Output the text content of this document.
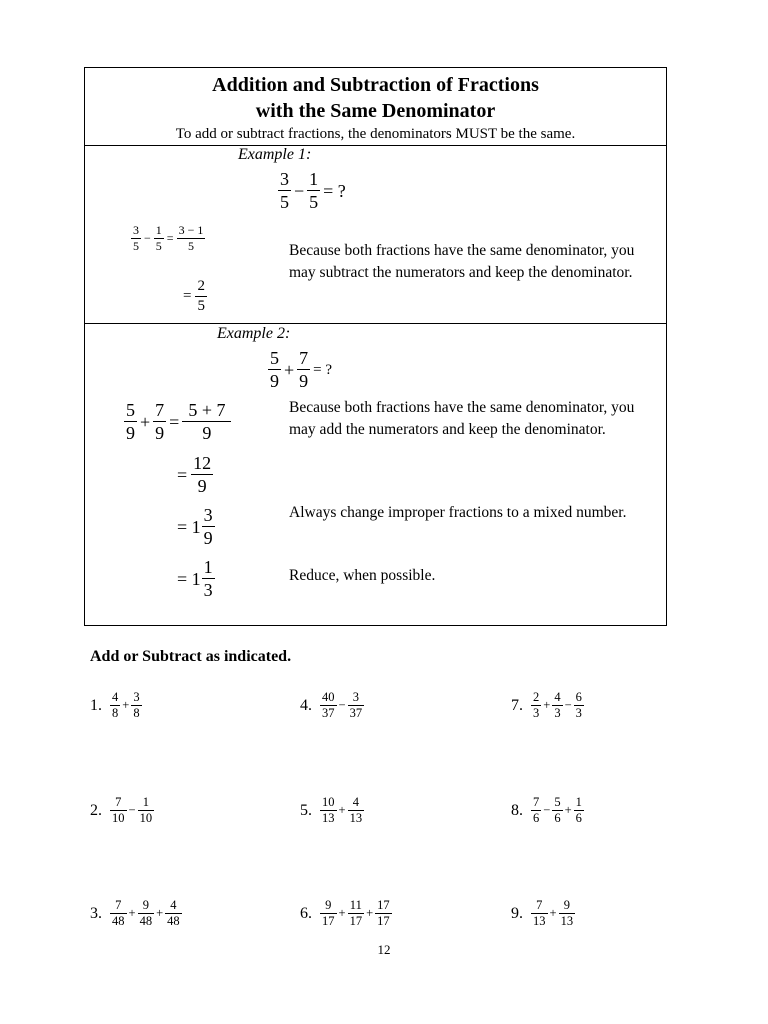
Addition and Subtraction of Fractions
with the Same Denominator
To add or subtract fractions, the denominators MUST be the same.
Example 1:
$\frac{3}{5} - \frac{1}{5}$ = ?
$\frac{3}{5} - \frac{1}{5} = \frac{3 - 1}{5}$
= $\frac{2}{5}$
Because both fractions have the same denominator, you may subtract the numerators and keep the denominator.
Example 2:
$\frac{5}{9} + \frac{7}{9}$ = ?
$\frac{5}{9} + \frac{7}{9} = \frac{5 + 7}{9}$
= $\frac{12}{9}$
= $1 \frac{3}{9}$
= $1 \frac{1}{3}$
Because both fractions have the same denominator, you may add the numerators and keep the denominator.
Always change improper fractions to a mixed number.
Reduce, when possible.
Add or Subtract as indicated.
1. $\frac{4}{8} + \frac{3}{8}$
2. $\frac{7}{10} - \frac{1}{10}$
3. $\frac{7}{48} + \frac{9}{48} + \frac{4}{48}$
4. $\frac{40}{37} - \frac{3}{37}$
5. $\frac{10}{13} + \frac{4}{13}$
6. $\frac{9}{17} + \frac{11}{17} + \frac{17}{17}$
7. $\frac{2}{3} + \frac{4}{3} - \frac{6}{3}$
8. $\frac{7}{6} - \frac{5}{6} + \frac{1}{6}$
9. $\frac{7}{13} + \frac{9}{13}$
12
